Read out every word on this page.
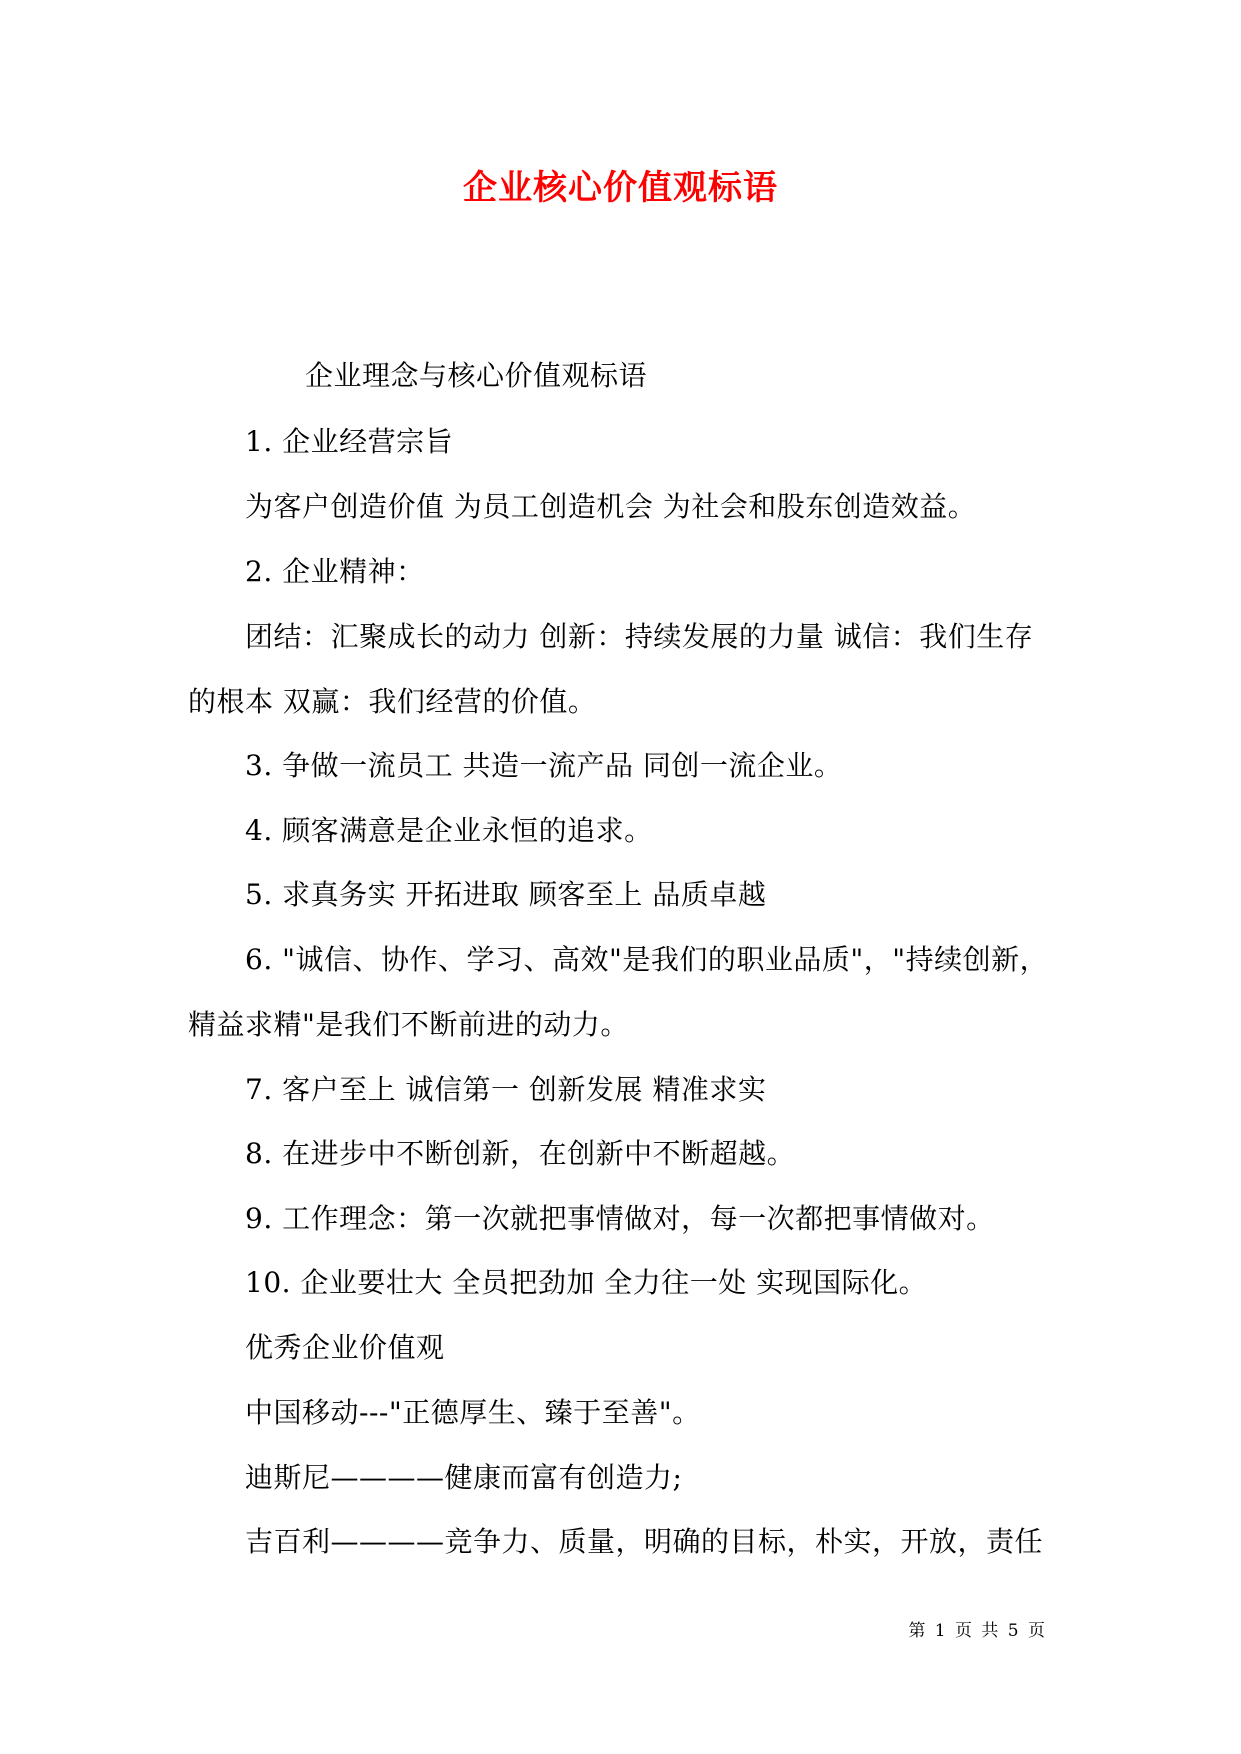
企业核心价值观标语
企业理念与核心价值观标语
1. 企业经营宗旨
为客户创造价值 为员工创造机会 为社会和股东创造效益。
2. 企业精神：
团结：汇聚成长的动力 创新：持续发展的力量 诚信：我们生存
的根本 双赢：我们经营的价值。
3. 争做一流员工 共造一流产品 同创一流企业。
4. 顾客满意是企业永恒的追求。
5. 求真务实 开拓进取 顾客至上 品质卓越
6. "诚信、协作、学习、高效"是我们的职业品质"，"持续创新，
精益求精"是我们不断前进的动力。
7. 客户至上 诚信第一 创新发展 精准求实
8. 在进步中不断创新，在创新中不断超越。
9. 工作理念：第一次就把事情做对，每一次都把事情做对。
10. 企业要壮大 全员把劲加 全力往一处 实现国际化。
优秀企业价值观
中国移动---"正德厚生、臻于至善"。
迪斯尼————健康而富有创造力;
吉百利————竞争力、质量，明确的目标，朴实，开放，责任
第 1 页 共 5 页
